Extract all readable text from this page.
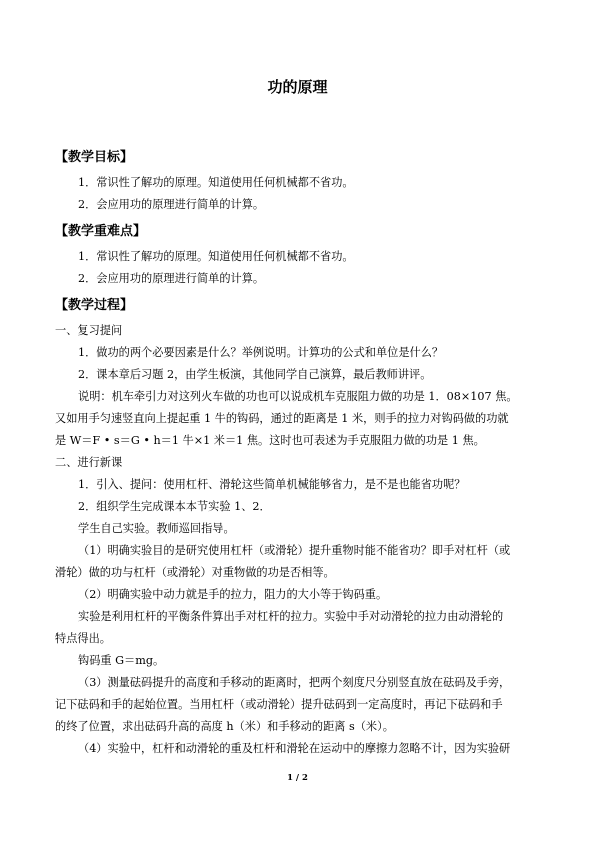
功的原理
【教学目标】
1．常识性了解功的原理。知道使用任何机械都不省功。
2．会应用功的原理进行简单的计算。
【教学重难点】
1．常识性了解功的原理。知道使用任何机械都不省功。
2．会应用功的原理进行简单的计算。
【教学过程】
一、复习提问
1．做功的两个必要因素是什么？举例说明。计算功的公式和单位是什么？
2．课本章后习题 2，由学生板演，其他同学自己演算，最后教师讲评。
说明：机车牵引力对这列火车做的功也可以说成机车克服阻力做的功是 1．08×107 焦。
又如用手匀速竖直向上提起重 1 牛的钩码，通过的距离是 1 米，则手的拉力对钩码做的功就
是 W＝F • s＝G • h＝1 牛×1 米＝1 焦。这时也可表述为手克服阻力做的功是 1 焦。
二、进行新课
1．引入、提问：使用杠杆、滑轮这些简单机械能够省力，是不是也能省功呢？
2．组织学生完成课本本节实验 1、2．
学生自己实验。教师巡回指导。
（1）明确实验目的是研究使用杠杆（或滑轮）提升重物时能不能省功？即手对杠杆（或
滑轮）做的功与杠杆（或滑轮）对重物做的功是否相等。
（2）明确实验中动力就是手的拉力，阻力的大小等于钩码重。
实验是利用杠杆的平衡条件算出手对杠杆的拉力。实验中手对动滑轮的拉力由动滑轮的
特点得出。
钩码重 G＝mg。
（3）测量砝码提升的高度和手移动的距离时，把两个刻度尺分别竖直放在砝码及手旁，
记下砝码和手的起始位置。当用杠杆（或动滑轮）提升砝码到一定高度时，再记下砝码和手
的终了位置，求出砝码升高的高度 h（米）和手移动的距离 s（米）。
（4）实验中，杠杆和动滑轮的重及杠杆和滑轮在运动中的摩擦力忽略不计，因为实验研
1 / 2
